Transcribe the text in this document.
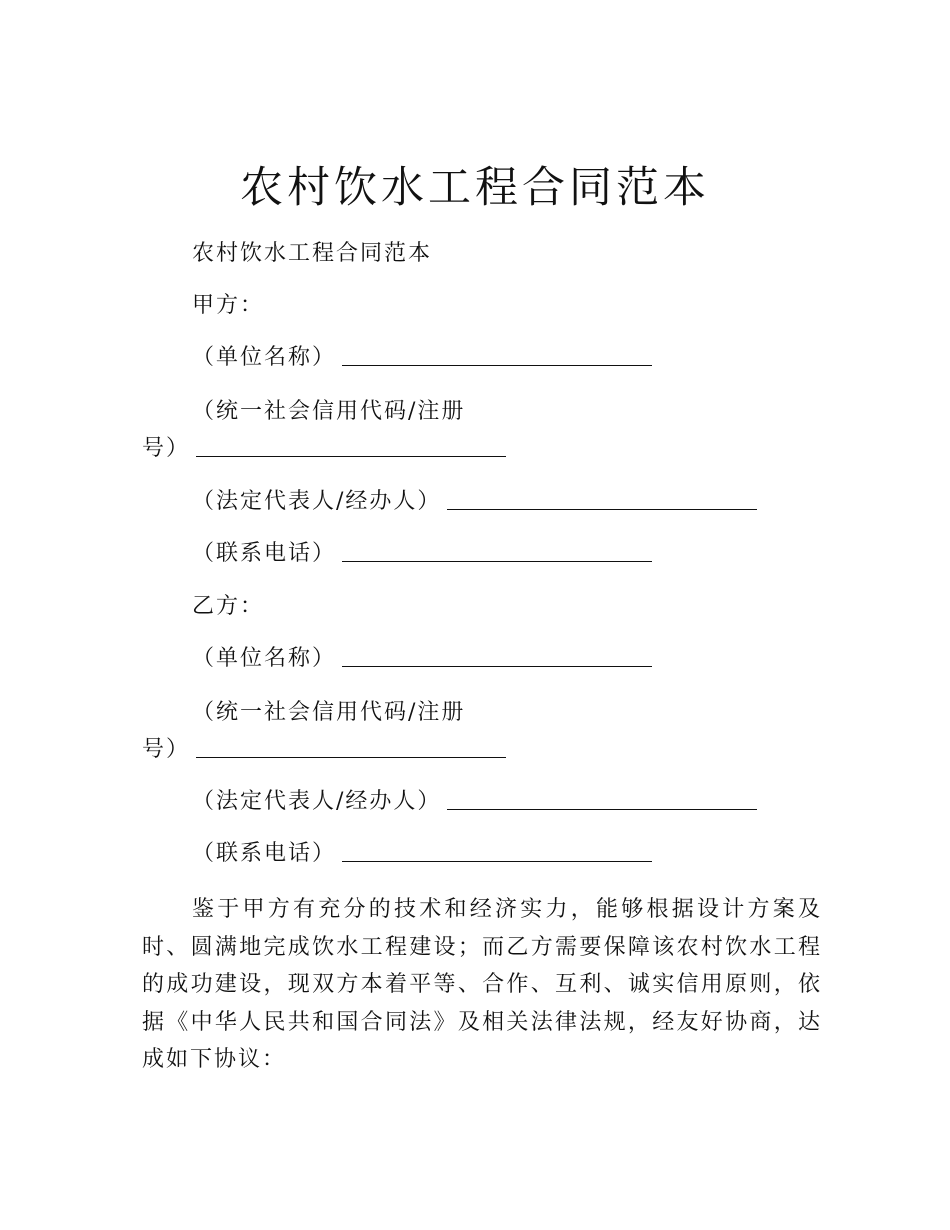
农村饮水工程合同范本
农村饮水工程合同范本
甲方：
（单位名称）
（统一社会信用代码/注册
号）
（法定代表人/经办人）
（联系电话）
乙方：
（单位名称）
（统一社会信用代码/注册
号）
（法定代表人/经办人）
（联系电话）

鉴于甲方有充分的技术和经济实力，能够根据设计方案及时、圆满地完成饮水工程建设；而乙方需要保障该农村饮水工程的成功建设，现双方本着平等、合作、互利、诚实信用原则，依据《中华人民共和国合同法》及相关法律法规，经友好协商，达成如下协议：
